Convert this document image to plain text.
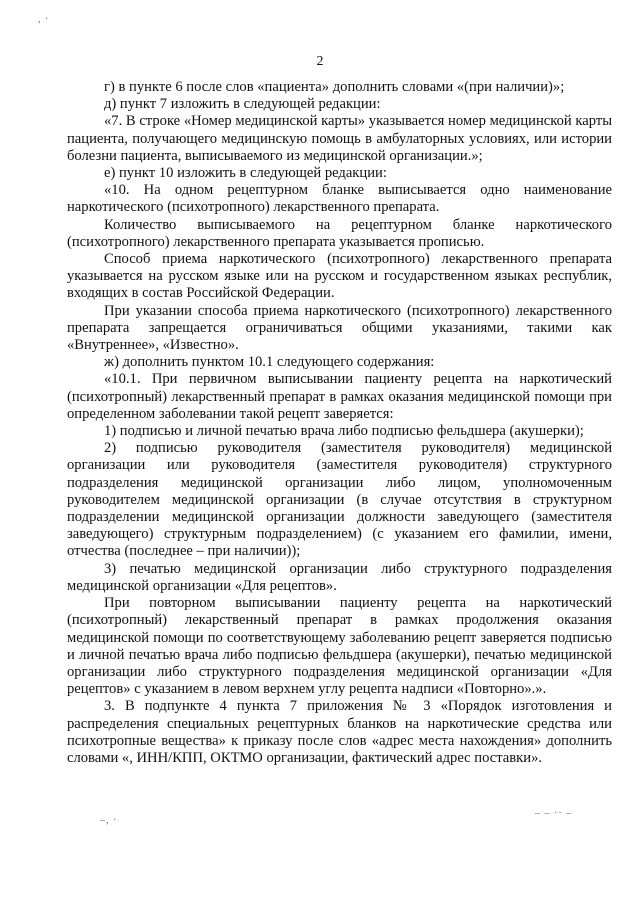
2

г) в пункте 6 после слов «пациента» дополнить словами «(при наличии)»;

д) пункт 7 изложить в следующей редакции:

«7. В строке «Номер медицинской карты» указывается номер медицинской карты пациента, получающего медицинскую помощь в амбулаторных условиях, или истории болезни пациента, выписываемого из медицинской организации.»;

е) пункт 10 изложить в следующей редакции:

«10. На одном рецептурном бланке выписывается одно наименование наркотического (психотропного) лекарственного препарата.

Количество выписываемого на рецептурном бланке наркотического (психотропного) лекарственного препарата указывается прописью.

Способ приема наркотического (психотропного) лекарственного препарата указывается на русском языке или на русском и государственном языках республик, входящих в состав Российской Федерации.

При указании способа приема наркотического (психотропного) лекарственного препарата запрещается ограничиваться общими указаниями, такими как «Внутреннее», «Известно».

ж) дополнить пунктом 10.1 следующего содержания:

«10.1. При первичном выписывании пациенту рецепта на наркотический (психотропный) лекарственный препарат в рамках оказания медицинской помощи при определенном заболевании такой рецепт заверяется:

1) подписью и личной печатью врача либо подписью фельдшера (акушерки);

2) подписью руководителя (заместителя руководителя) медицинской организации или руководителя (заместителя руководителя) структурного подразделения медицинской организации либо лицом, уполномоченным руководителем медицинской организации (в случае отсутствия в структурном подразделении медицинской организации должности заведующего (заместителя заведующего) структурным подразделением) (с указанием его фамилии, имени, отчества (последнее – при наличии));

3) печатью медицинской организации либо структурного подразделения медицинской организации «Для рецептов».

При повторном выписывании пациенту рецепта на наркотический (психотропный) лекарственный препарат в рамках продолжения оказания медицинской помощи по соответствующему заболеванию рецепт заверяется подписью и личной печатью врача либо подписью фельдшера (акушерки), печатью медицинской организации либо структурного подразделения медицинской организации «Для рецептов» с указанием в левом верхнем углу рецепта надписи «Повторно».».

3. В подпункте 4 пункта 7 приложения № 3 «Порядок изготовления и распределения специальных рецептурных бланков на наркотические средства или психотропные вещества» к приказу после слов «адрес места нахождения» дополнить словами «, ИНН/КПП, ОКТМО организации, фактический адрес поставки».

, ·
–, ·
– – ·· –
